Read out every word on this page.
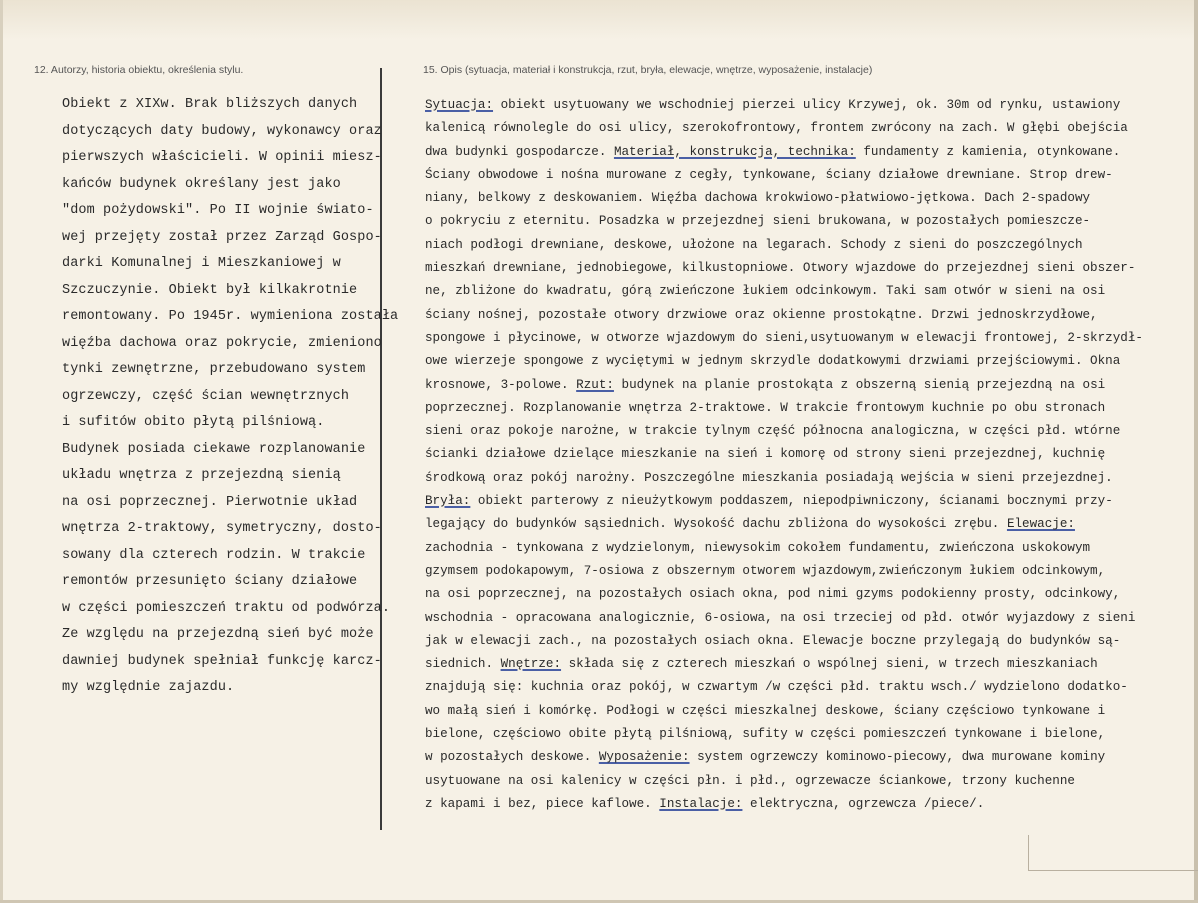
12. Autorzy, historia obiektu, określenia stylu.	15. Opis (sytuacja, materiał i konstrukcja, rzut, bryła, elewacje, wnętrze, wyposażenie, instalacje)
Obiekt z XIXw. Brak bliższych danych
dotyczących daty budowy, wykonawcy oraz
pierwszych właścicieli. W opinii miesz-
kańców budynek określany jest jako
"dom pożydowski". Po II wojnie świato-
wej przejęty został przez Zarząd Gospo-
darki Komunalnej i Mieszkaniowej w
Szczuczynie. Obiekt był kilkakrotnie
remontowany. Po 1945r. wymieniona została
więźba dachowa oraz pokrycie, zmieniono
tynki zewnętrzne, przebudowano system
ogrzewczy, część ścian wewnętrznych
i sufitów obito płytą pilśniową.
Budynek posiada ciekawe rozplanowanie
układu wnętrza z przejezdną sienią
na osi poprzecznej. Pierwotnie układ
wnętrza 2-traktowy, symetryczny, dosto-
sowany dla czterech rodzin. W trakcie
remontów przesunięto ściany działowe
w części pomieszczeń traktu od podwórza.
Ze względu na przejezdną sień być może
dawniej budynek spełniał funkcję karcz-
my względnie zajazdu.
Sytuacja: obiekt usytuowany we wschodniej pierzei ulicy Krzywej, ok. 30m od rynku, ustawiony
kalenicą równolegle do osi ulicy, szerokofrontowy, frontem zwrócony na zach. W głębi obejścia
dwa budynki gospodarcze. Materiał, konstrukcja, technika: fundamenty z kamienia, otynkowane.
Ściany obwodowe i nośna murowane z cegły, tynkowane, ściany działowe drewniane. Strop drew-
niany, belkowy z deskowaniem. Więźba dachowa krokwiowo-płatwiowo-jętkowa. Dach 2-spadowy
o pokryciu z eternitu. Posadzka w przejezdnej sieni brukowana, w pozostałych pomieszcze-
niach podłogi drewniane, deskowe, ułożone na legarach. Schody z sieni do poszczególnych
mieszkań drewniane, jednobiegowe, kilkustopniowe. Otwory wjazdowe do przejezdnej sieni obszer-
ne, zbliżone do kwadratu, górą zwieńczone łukiem odcinkowym. Taki sam otwór w sieni na osi
ściany nośnej, pozostałe otwory drzwiowe oraz okienne prostokątne. Drzwi jednoskrzydłowe,
spongowe i płycinowe, w otworze wjazdowym do sieni,usytuowanym w elewacji frontowej, 2-skrzydł-
owe wierzeje spongowe z wyciętymi w jednym skrzydle dodatkowymi drzwiami przejściowymi. Okna
krosnowe, 3-polowe. Rzut: budynek na planie prostokąta z obszerną sienią przejezdną na osi
poprzecznej. Rozplanowanie wnętrza 2-traktowe. W trakcie frontowym kuchnie po obu stronach
sieni oraz pokoje narożne, w trakcie tylnym część północna analogiczna, w części płd. wtórne
ścianki działowe dzielące mieszkanie na sień i komorę od strony sieni przejezdnej, kuchnię
środkową oraz pokój narożny. Poszczególne mieszkania posiadają wejścia w sieni przejezdnej.
Bryła: obiekt parterowy z nieużytkowym poddaszem, niepodpiwniczony, ścianami bocznymi przy-
legający do budynków sąsiednich. Wysokość dachu zbliżona do wysokości zrębu. Elewacje:
zachodnia - tynkowana z wydzielonym, niewysokim cokołem fundamentu, zwieńczona uskokowym
gzymsem podokapowym, 7-osiowa z obszernym otworem wjazdowym,zwieńczonym łukiem odcinkowym,
na osi poprzecznej, na pozostałych osiach okna, pod nimi gzyms podokienny prosty, odcinkowy,
wschodnia - opracowana analogicznie, 6-osiowa, na osi trzeciej od płd. otwór wyjazdowy z sieni
jak w elewacji zach., na pozostałych osiach okna. Elewacje boczne przylegają do budynków są-
siednich. Wnętrze: składa się z czterech mieszkań o wspólnej sieni, w trzech mieszkaniach
znajdują się: kuchnia oraz pokój, w czwartym /w części płd. traktu wsch./ wydzielono dodatko-
wo małą sień i komórkę. Podłogi w części mieszkalnej deskowe, ściany częściowo tynkowane i
bielone, częściowo obite płytą pilśniową, sufity w części pomieszczeń tynkowane i bielone,
w pozostałych deskowe. Wyposażenie: system ogrzewczy kominowo-piecowy, dwa murowane kominy
usytuowane na osi kalenicy w części płn. i płd., ogrzewacze ściankowe, trzony kuchenne
z kapami i bez, piece kaflowe. Instalacje: elektryczna, ogrzewcza /piece/.
